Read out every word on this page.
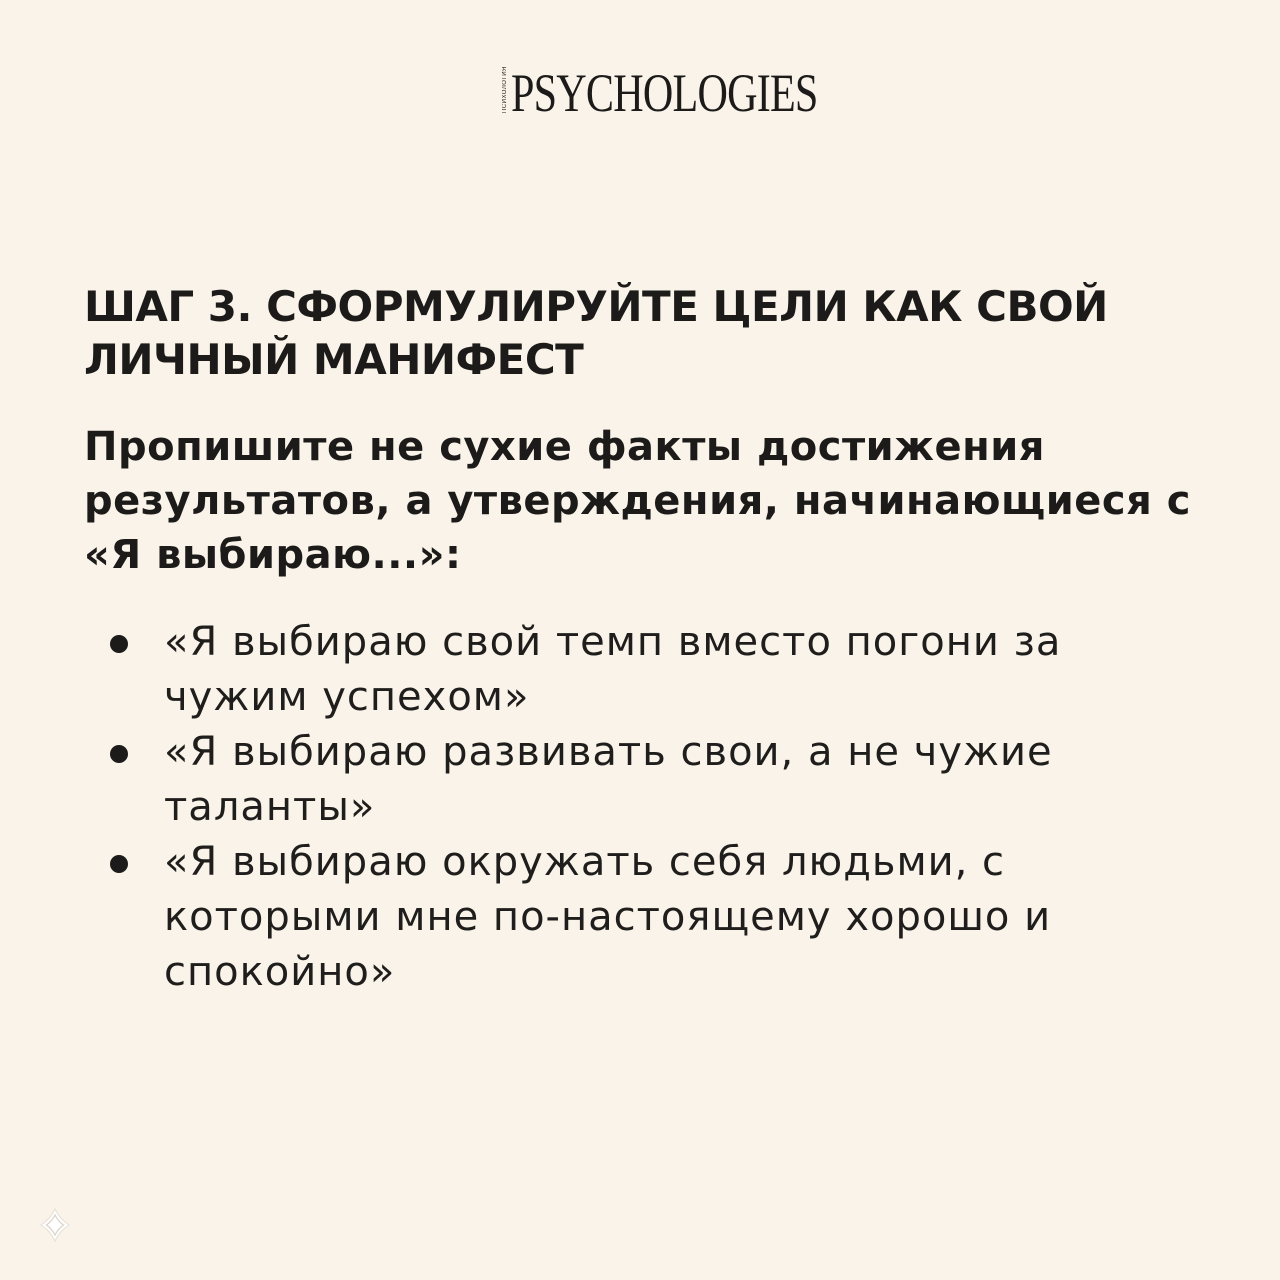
ПСИХОЛОГИЯ PSYCHOLOGIES
ШАГ 3. СФОРМУЛИРУЙТЕ ЦЕЛИ КАК СВОЙ ЛИЧНЫЙ МАНИФЕСТ

Пропишите не сухие факты достижения результатов, а утверждения, начинающиеся с «Я выбираю...»:

«Я выбираю свой темп вместо погони за чужим успехом»
«Я выбираю развивать свои, а не чужие таланты»
«Я выбираю окружать себя людьми, с которыми мне по-настоящему хорошо и спокойно»
